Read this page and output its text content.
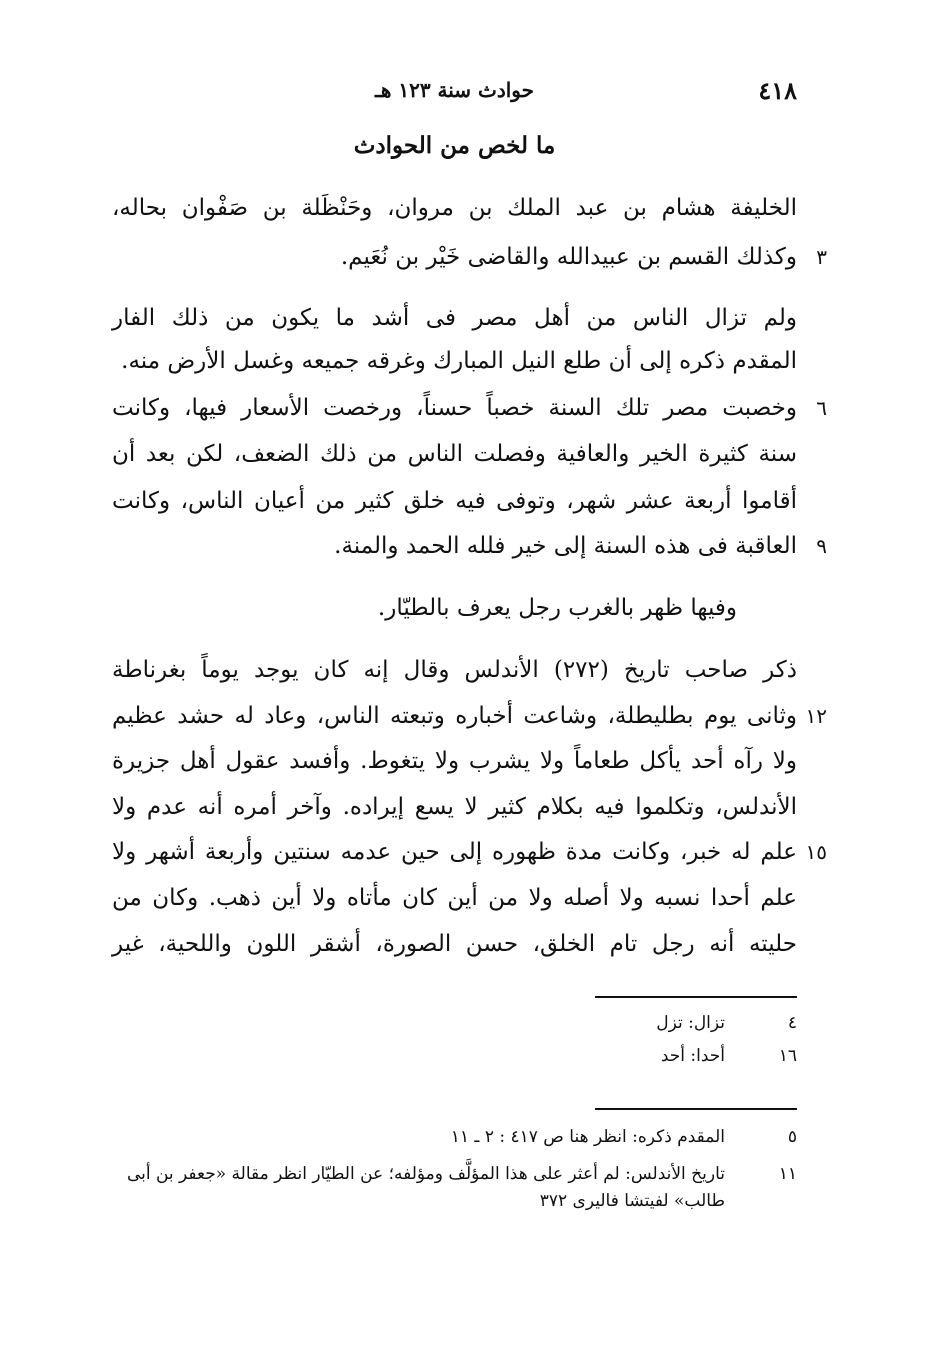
٤١٨
حوادث سنة ١٢٣ هـ
ما لخص من الحوادث
الخليفة هشام بن عبد الملك بن مروان، وحَنْظَلة بن صَفْوان بحاله،
وكذلك القسم بن عبيدالله والقاضى خَيْر بن نُعَيم. ٣
ولم تزال الناس من أهل مصر فى أشد ما يكون من ذلك الفار
المقدم ذكره إلى أن طلع النيل المبارك وغرقه جميعه وغسل الأرض منه.
وخصبت مصر تلك السنة خصباً حسناً، ورخصت الأسعار فيها، وكانت ٦
سنة كثيرة الخير والعافية وفصلت الناس من ذلك الضعف، لكن بعد أن
أقاموا أربعة عشر شهر، وتوفى فيه خلق كثير من أعيان الناس، وكانت
العاقبة فى هذه السنة إلى خير فلله الحمد والمنة. ٩
وفيها ظهر بالغرب رجل يعرف بالطيّار.
ذكر صاحب تاريخ (٢٧٢) الأندلس وقال إنه كان يوجد يوماً بغرناطة
وثانى يوم بطليطلة، وشاعت أخباره وتبعته الناس، وعاد له حشد عظيم ١٢
ولا رآه أحد يأكل طعاماً ولا يشرب ولا يتغوط. وأفسد عقول أهل جزيرة
الأندلس، وتكلموا فيه بكلام كثير لا يسع إيراده. وآخر أمره أنه عدم ولا
علم له خبر، وكانت مدة ظهوره إلى حين عدمه سنتين وأربعة أشهر ولا ١٥
علم أحدا نسبه ولا أصله ولا من أين كان مأتاه ولا أين ذهب. وكان من
حليته أنه رجل تام الخلق، حسن الصورة، أشقر اللون واللحية، غير
٤
تزال: تزل
١٦
أحدا: أحد
٥
المقدم ذكره: انظر هنا ص ٤١٧ : ٢ ـ ١١
١١
تاريخ الأندلس: لم أعثر على هذا المؤلَّف ومؤلفه؛ عن الطيّار انظر مقالة «جعفر بن أبى طالب» لفيتشا فاليرى ٣٧٢
